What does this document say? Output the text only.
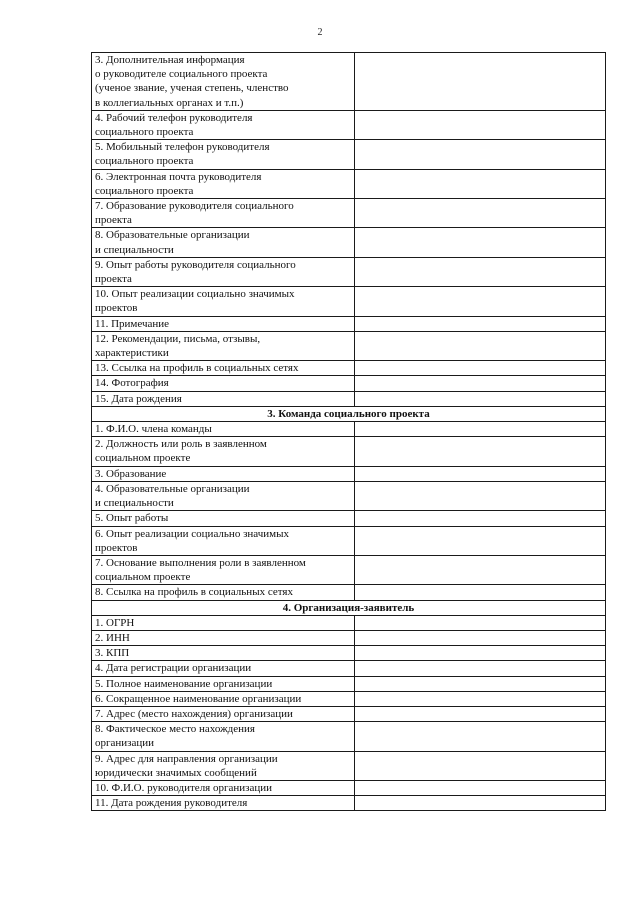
2
3. Дополнительная информация
о руководителе социального проекта
(ученое звание, ученая степень, членство
в коллегиальных органах и т.п.)	
4. Рабочий телефон руководителя
социального проекта	
5. Мобильный телефон руководителя
социального проекта	
6. Электронная почта руководителя
социального проекта	
7. Образование руководителя социального
проекта	
8. Образовательные организации
и специальности	
9. Опыт работы руководителя социального
проекта	
10. Опыт реализации социально значимых
проектов	
11. Примечание	
12. Рекомендации, письма, отзывы,
характеристики	
13. Ссылка на профиль в социальных сетях	
14. Фотография	
15. Дата рождения	
3. Команда социального проекта	
1. Ф.И.О. члена команды	
2. Должность или роль в заявленном
социальном проекте	
3. Образование	
4. Образовательные организации
и специальности	
5. Опыт работы	
6. Опыт реализации социально значимых
проектов	
7. Основание выполнения роли в заявленном
социальном проекте	
8. Ссылка на профиль в социальных сетях	
4. Организация-заявитель	
1. ОГРН	
2. ИНН	
3. КПП	
4. Дата регистрации организации	
5. Полное наименование организации	
6. Сокращенное наименование организации	
7. Адрес (место нахождения) организации	
8. Фактическое место нахождения
организации	
9. Адрес для направления организации
юридически значимых сообщений	
10. Ф.И.О. руководителя организации	
11. Дата рождения руководителя	
